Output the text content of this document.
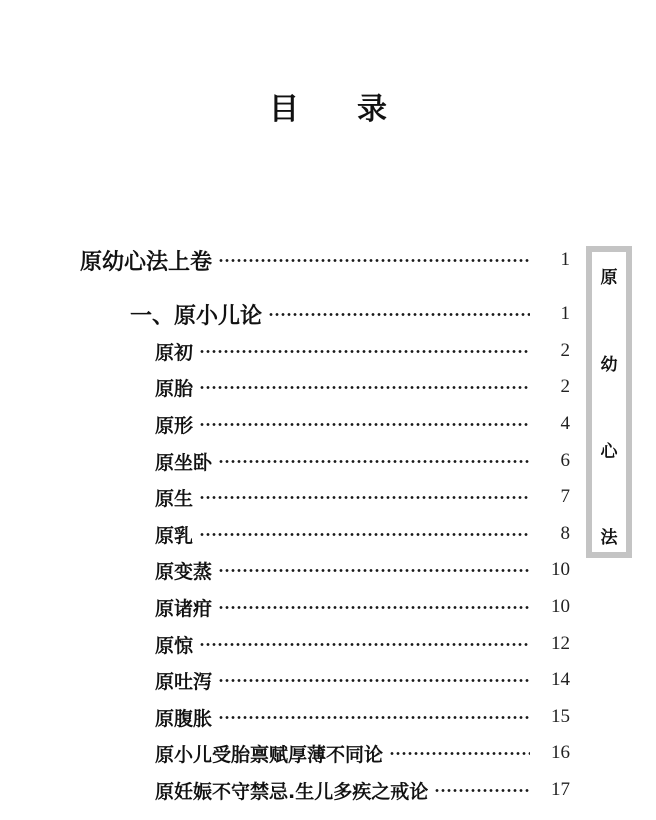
目录
原幼心法上卷	1
一、原小儿论	1
原初	2
原胎	2
原形	4
原坐卧	6
原生	7
原乳	8
原变蒸	10
原诸疳	10
原惊	12
原吐泻	14
原腹胀	15
原小儿受胎禀赋厚薄不同论	16
原妊娠不守禁忌.生儿多疾之戒论	17
原
幼
心
法
